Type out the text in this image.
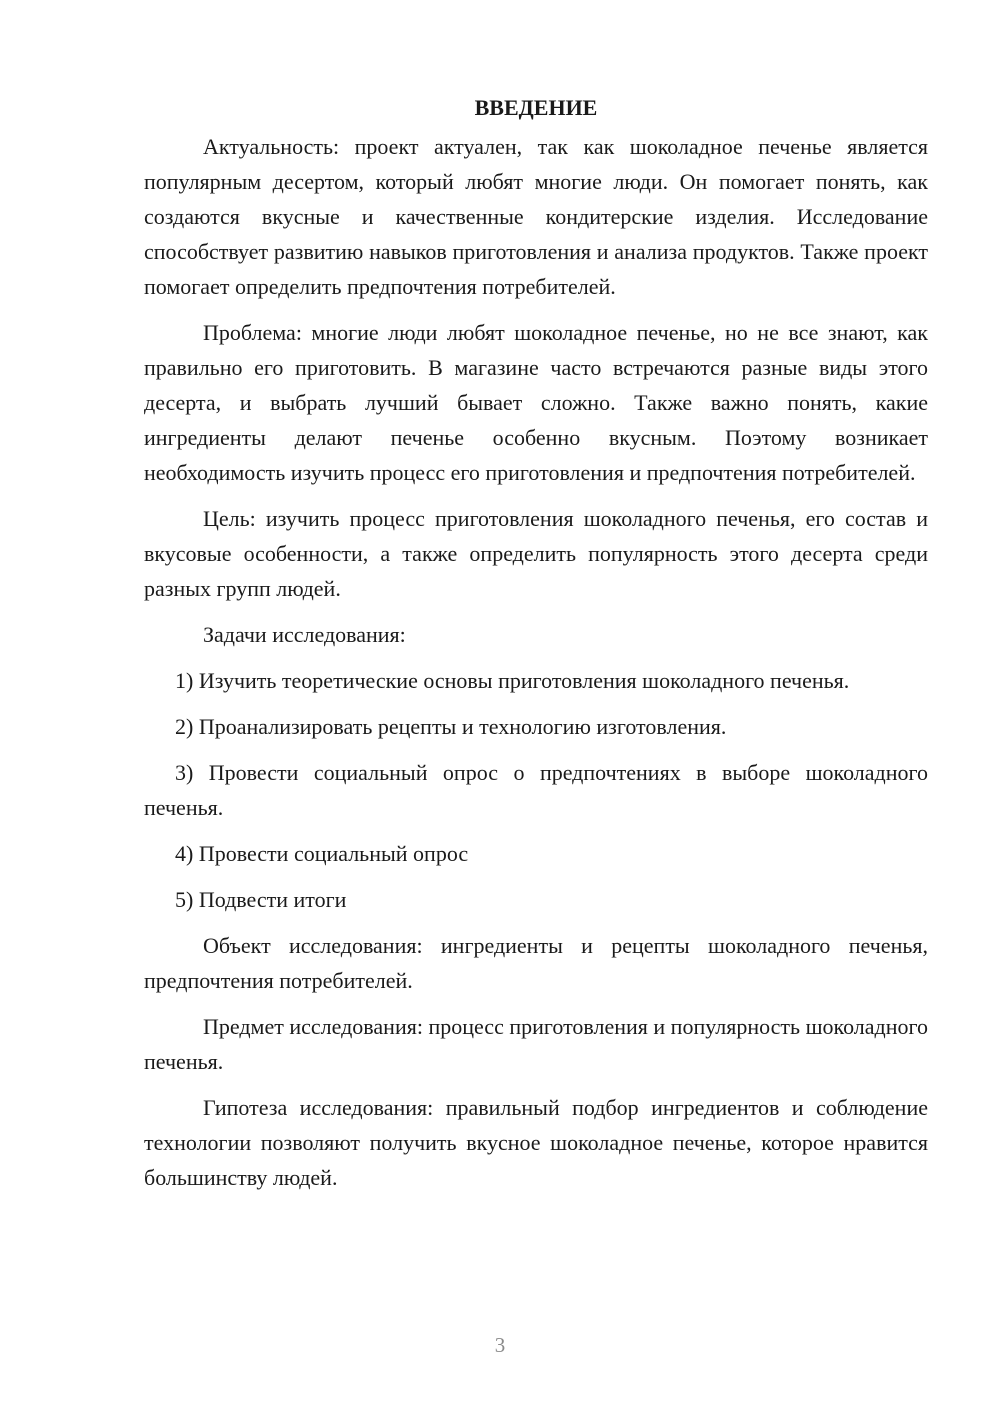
ВВЕДЕНИЕ

Актуальность: проект актуален, так как шоколадное печенье является популярным десертом, который любят многие люди. Он помогает понять, как создаются вкусные и качественные кондитерские изделия. Исследование способствует развитию навыков приготовления и анализа продуктов. Также проект помогает определить предпочтения потребителей.

Проблема: многие люди любят шоколадное печенье, но не все знают, как правильно его приготовить. В магазине часто встречаются разные виды этого десерта, и выбрать лучший бывает сложно. Также важно понять, какие ингредиенты делают печенье особенно вкусным. Поэтому возникает необходимость изучить процесс его приготовления и предпочтения потребителей.

Цель: изучить процесс приготовления шоколадного печенья, его состав и вкусовые особенности, а также определить популярность этого десерта среди разных групп людей.

Задачи исследования:

1) Изучить теоретические основы приготовления шоколадного печенья.

2) Проанализировать рецепты и технологию изготовления.

3) Провести социальный опрос о предпочтениях в выборе шоколадного печенья.

4) Провести социальный опрос

5) Подвести итоги

Объект исследования: ингредиенты и рецепты шоколадного печенья, предпочтения потребителей.

Предмет исследования: процесс приготовления и популярность шоколадного печенья.

Гипотеза исследования: правильный подбор ингредиентов и соблюдение технологии позволяют получить вкусное шоколадное печенье, которое нравится большинству людей.

3
